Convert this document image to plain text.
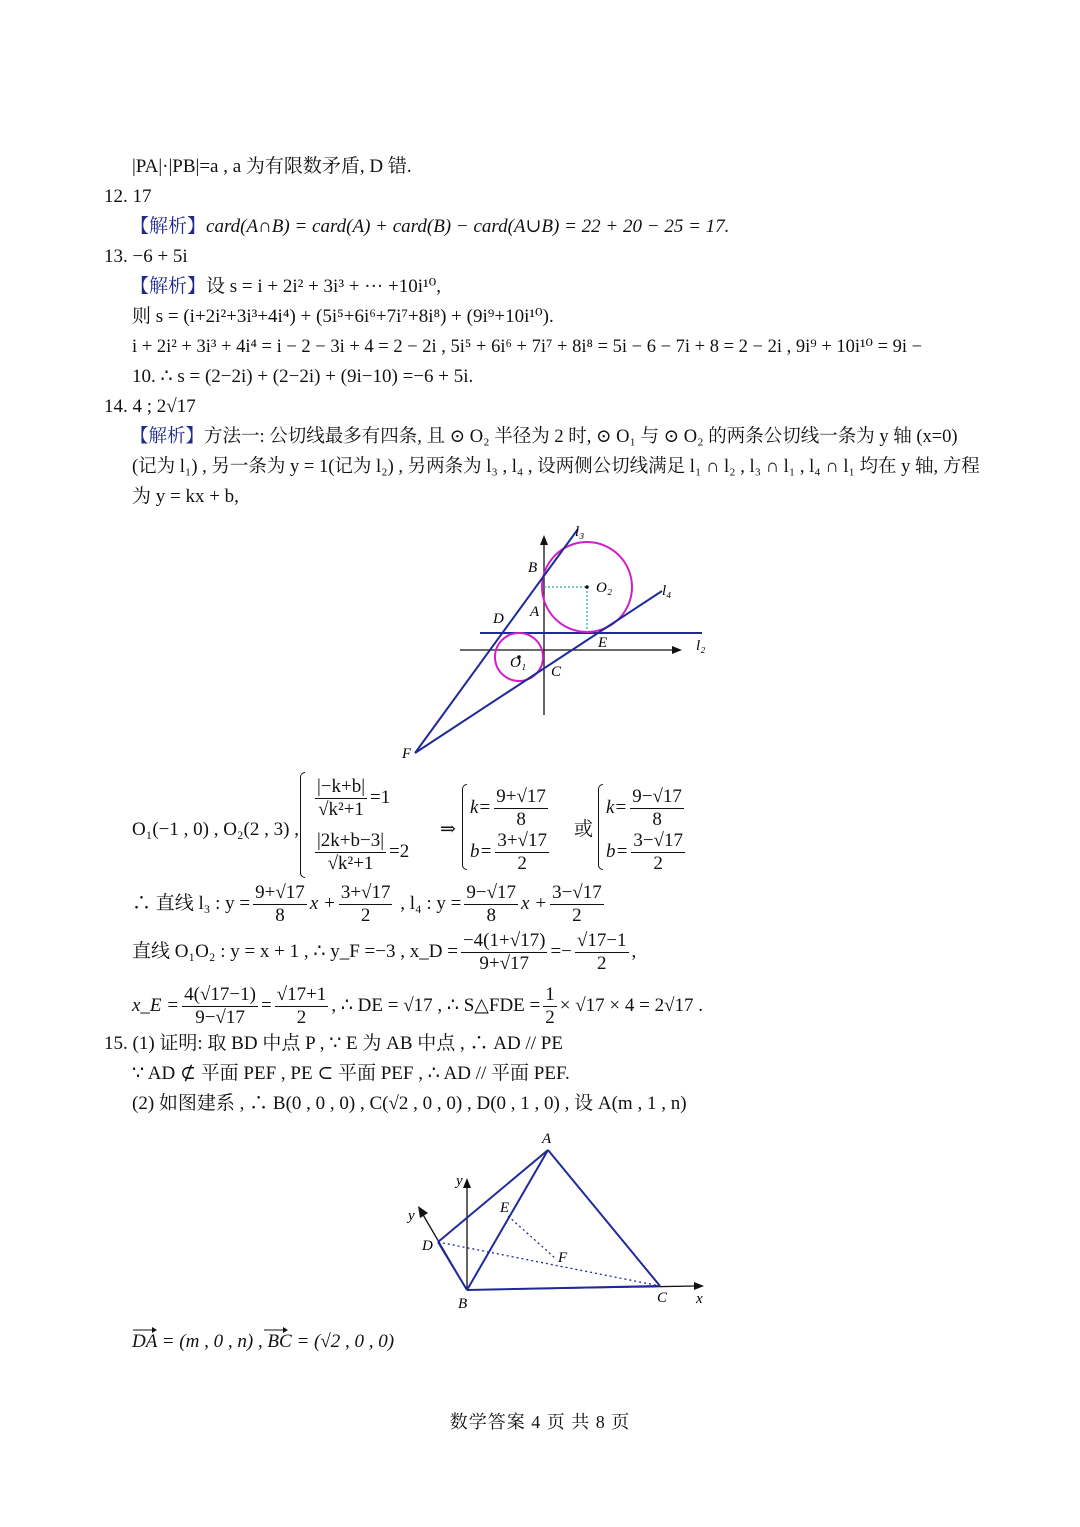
|PA|·|PB|=a , a 为有限数矛盾, D 错.
12. 17
【解析】card(A∩B) = card(A) + card(B) − card(A∪B) = 22 + 20 − 25 = 17.
13. −6 + 5i
【解析】设 s = i + 2i² + 3i³ + ··· +10i¹⁰,
则 s = (i+2i²+3i³+4i⁴) + (5i⁵+6i⁶+7i⁷+8i⁸) + (9i⁹+10i¹⁰).
i + 2i² + 3i³ + 4i⁴ = i − 2 − 3i + 4 = 2 − 2i , 5i⁵ + 6i⁶ + 7i⁷ + 8i⁸ = 5i − 6 − 7i + 8 = 2 − 2i , 9i⁹ + 10i¹⁰ = 9i −
10. ∴ s = (2−2i) + (2−2i) + (9i−10) =−6 + 5i.
14. 4 ; 2√17
【解析】方法一: 公切线最多有四条, 且 ⊙ O₂ 半径为 2 时, ⊙ O₁ 与 ⊙ O₂ 的两条公切线一条为 y 轴 (x=0)
(记为 l₁) , 另一条为 y = 1(记为 l₂) , 另两条为 l₃ , l₄ , 设两侧公切线满足 l₁ ∩ l₂ , l₃ ∩ l₁ , l₄ ∩ l₁ 均在 y 轴, 方程
为 y = kx + b,
l₃
B
O₂	l₄
A
D
E	l₂
O₁
C
F
O₁(−1 , 0) , O₂(2 , 3) ,
$\frac{|-k+b|}{\text{√k²+1}} =1$
$\frac{|2k+b-3|}{\text{√k²+1}} =2$
⇒
$k= \frac{9+√17}{8}$
$b= \frac{3+√17}{2}$
或
$k= \frac{9-√17}{8}$
$b= \frac{3-√17}{2}$
∴ 直线 l₃ : $y = \frac{9+√17}{8}$ $x + \frac{3+√17}{2}$ , l₄ : $y = \frac{9-√17}{8}$ $x + \frac{3-√17}{2}$
直线 O₁O₂ : y = x + 1 , ∴ y_F =−3 , x_D = $\frac{-4(1+√17)}{9+√17} =- \frac{√17-1}{2}$ ,
x_E = $\frac{4(√17-1)}{9-√17} = \frac{√17+1}{2}$ , ∴ DE = √17 , ∴ S△FDE = $\frac{1}{2} \times √17 \times 4 = 2√17$ .
15. (1) 证明: 取 BD 中点 P , ∵ E 为 AB 中点 , ∴ AD // PE
∵ AD ⊄ 平面 PEF , PE ⊂ 平面 PEF , ∴ AD // 平面 PEF.
(2) 如图建系 , ∴ B(0 , 0 , 0) , C(√2 , 0 , 0) , D(0 , 1 , 0) , 设 A(m , 1 , n)
A
y
E
y
D
F
B	C x
DA = (m , 0 , n) , BC = (√2 , 0 , 0)
数学答案 4 页 共 8 页
